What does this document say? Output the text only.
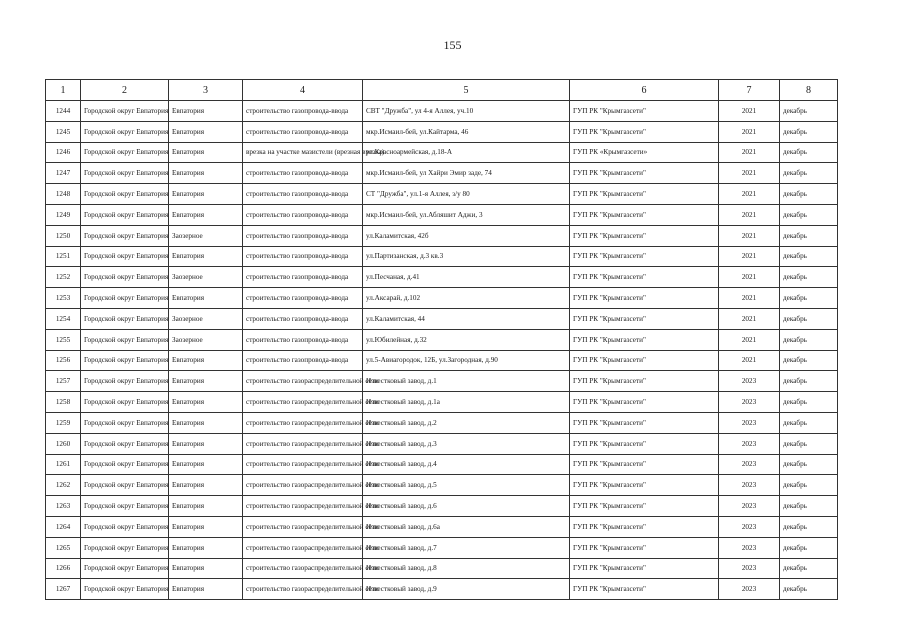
155
1	2	3	4	5	6	7	8
1244	Городской округ Евпатория	Евпатория	строительство газопровода-ввода	СВТ "Дружба", ул 4-я Аллея, уч.10	ГУП РК "Крымгазсети"	2021	декабрь
1245	Городской округ Евпатория	Евпатория	строительство газопровода-ввода	мкр.Исмаил-бей, ул.Кайтарма, 46	ГУП РК "Крымгазсети"	2021	декабрь
1246	Городской округ Евпатория	Евпатория	врезка на участке мазистели (врезная врезка)	ул.Красноармейская, д.18-А	ГУП РК «Крымгазсети»	2021	декабрь
1247	Городской округ Евпатория	Евпатория	строительство газопровода-ввода	мкр.Исмаил-бей, ул Хайри Эмир заде, 74	ГУП РК "Крымгазсети"	2021	декабрь
1248	Городской округ Евпатория	Евпатория	строительство газопровода-ввода	СТ "Дружба", ул.1-я Аллея, з/у 80	ГУП РК "Крымгазсети"	2021	декабрь
1249	Городской округ Евпатория	Евпатория	строительство газопровода-ввода	мкр.Исмаил-бей, ул.Абляшит Аджи, 3	ГУП РК "Крымгазсети"	2021	декабрь
1250	Городской округ Евпатория	Заозерное	строительство газопровода-ввода	ул.Каламитская, 42б	ГУП РК "Крымгазсети"	2021	декабрь
1251	Городской округ Евпатория	Евпатория	строительство газопровода-ввода	ул.Партизанская, д.3 кв.3	ГУП РК "Крымгазсети"	2021	декабрь
1252	Городской округ Евпатория	Заозерное	строительство газопровода-ввода	ул.Песчаная, д.41	ГУП РК "Крымгазсети"	2021	декабрь
1253	Городской округ Евпатория	Евпатория	строительство газопровода-ввода	ул.Аксарай, д.102	ГУП РК "Крымгазсети"	2021	декабрь
1254	Городской округ Евпатория	Заозерное	строительство газопровода-ввода	ул.Каламитская, 44	ГУП РК "Крымгазсети"	2021	декабрь
1255	Городской округ Евпатория	Заозерное	строительство газопровода-ввода	ул.Юбилейная, д.32	ГУП РК "Крымгазсети"	2021	декабрь
1256	Городской округ Евпатория	Евпатория	строительство газопровода-ввода	ул.5-Авиагородок, 12Б, ул.Загородная, д.90	ГУП РК "Крымгазсети"	2021	декабрь
1257	Городской округ Евпатория	Евпатория	строительство газораспределительной сети	Известковый завод, д.1	ГУП РК "Крымгазсети"	2023	декабрь
1258	Городской округ Евпатория	Евпатория	строительство газораспределительной сети	Известковый завод, д.1а	ГУП РК "Крымгазсети"	2023	декабрь
1259	Городской округ Евпатория	Евпатория	строительство газораспределительной сети	Известковый завод, д.2	ГУП РК "Крымгазсети"	2023	декабрь
1260	Городской округ Евпатория	Евпатория	строительство газораспределительной сети	Известковый завод, д.3	ГУП РК "Крымгазсети"	2023	декабрь
1261	Городской округ Евпатория	Евпатория	строительство газораспределительной сети	Известковый завод, д.4	ГУП РК "Крымгазсети"	2023	декабрь
1262	Городской округ Евпатория	Евпатория	строительство газораспределительной сети	Известковый завод, д.5	ГУП РК "Крымгазсети"	2023	декабрь
1263	Городской округ Евпатория	Евпатория	строительство газораспределительной сети	Известковый завод, д.6	ГУП РК "Крымгазсети"	2023	декабрь
1264	Городской округ Евпатория	Евпатория	строительство газораспределительной сети	Известковый завод, д.6а	ГУП РК "Крымгазсети"	2023	декабрь
1265	Городской округ Евпатория	Евпатория	строительство газораспределительной сети	Известковый завод, д.7	ГУП РК "Крымгазсети"	2023	декабрь
1266	Городской округ Евпатория	Евпатория	строительство газораспределительной сети	Известковый завод, д.8	ГУП РК "Крымгазсети"	2023	декабрь
1267	Городской округ Евпатория	Евпатория	строительство газораспределительной сети	Известковый завод, д.9	ГУП РК "Крымгазсети"	2023	декабрь
